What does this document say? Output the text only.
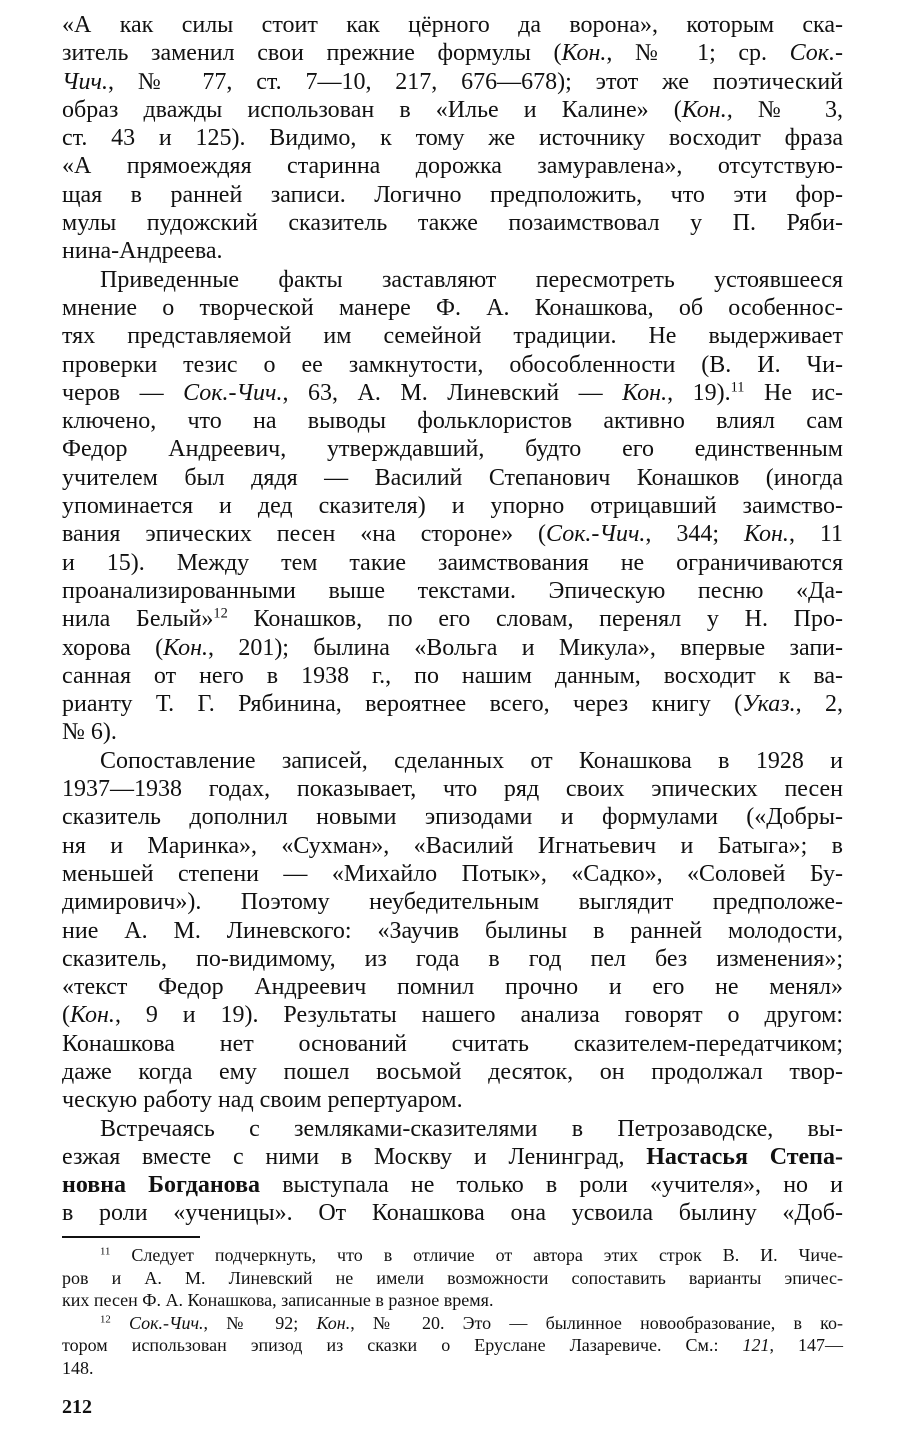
«А как силы стоит как цёрного да ворона», которым ска-
зитель заменил свои прежние формулы (Кон., № 1; ср. Сок.-
Чич., № 77, ст. 7—10, 217, 676—678); этот же поэтический
образ дважды использован в «Илье и Калине» (Кон., № 3,
ст. 43 и 125). Видимо, к тому же источнику восходит фраза
«А прямоеждяя старинна дорожка замуравлена», отсутствую-
щая в ранней записи. Логично предположить, что эти фор-
мулы пудожский сказитель также позаимствовал у П. Ряби-
нина-Андреева.
Приведенные факты заставляют пересмотреть устоявшееся
мнение о творческой манере Ф. А. Конашкова, об особеннос-
тях представляемой им семейной традиции. Не выдерживает
проверки тезис о ее замкнутости, обособленности (В. И. Чи-
черов — Сок.-Чич., 63, А. М. Линевский — Кон., 19).$^{11}$ Не ис-
ключено, что на выводы фольклористов активно влиял сам
Федор Андреевич, утверждавший, будто его единственным
учителем был дядя — Василий Степанович Конашков (иногда
упоминается и дед сказителя) и упорно отрицавший заимство-
вания эпических песен «на стороне» (Сок.-Чич., 344; Кон., 11
и 15). Между тем такие заимствования не ограничиваются
проанализированными выше текстами. Эпическую песню «Да-
нила Белый»$^{12}$ Конашков, по его словам, перенял у Н. Про-
хорова (Кон., 201); былина «Вольга и Микула», впервые запи-
санная от него в 1938 г., по нашим данным, восходит к ва-
рианту Т. Г. Рябинина, вероятнее всего, через книгу (Указ., 2,
№ 6).
Сопоставление записей, сделанных от Конашкова в 1928 и
1937—1938 годах, показывает, что ряд своих эпических песен
сказитель дополнил новыми эпизодами и формулами («Добры-
ня и Маринка», «Сухман», «Василий Игнатьевич и Батыга»; в
меньшей степени — «Михайло Потык», «Садко», «Соловей Бу-
димирович»). Поэтому неубедительным выглядит предположе-
ние А. М. Линевского: «Заучив былины в ранней молодости,
сказитель, по-видимому, из года в год пел без изменения»;
«текст Федор Андреевич помнил прочно и его не менял»
(Кон., 9 и 19). Результаты нашего анализа говорят о другом:
Конашкова нет оснований считать сказителем-передатчиком;
даже когда ему пошел восьмой десяток, он продолжал твор-
ческую работу над своим репертуаром.
Встречаясь с земляками-сказителями в Петрозаводске, вы-
езжая вместе с ними в Москву и Ленинград, Настасья Степа-
новна Богданова выступала не только в роли «учителя», но и
в роли «ученицы». От Конашкова она усвоила былину «Доб-
$^{11}$ Следует подчеркнуть, что в отличие от автора этих строк В. И. Чиче-
ров и А. М. Линевский не имели возможности сопоставить варианты эпичес-
ких песен Ф. А. Конашкова, записанные в разное время.
$^{12}$ Сок.-Чич., № 92; Кон., № 20. Это — былинное новообразование, в ко-
тором использован эпизод из сказки о Еруслане Лазаревиче. См.: 121, 147—
148.
212
